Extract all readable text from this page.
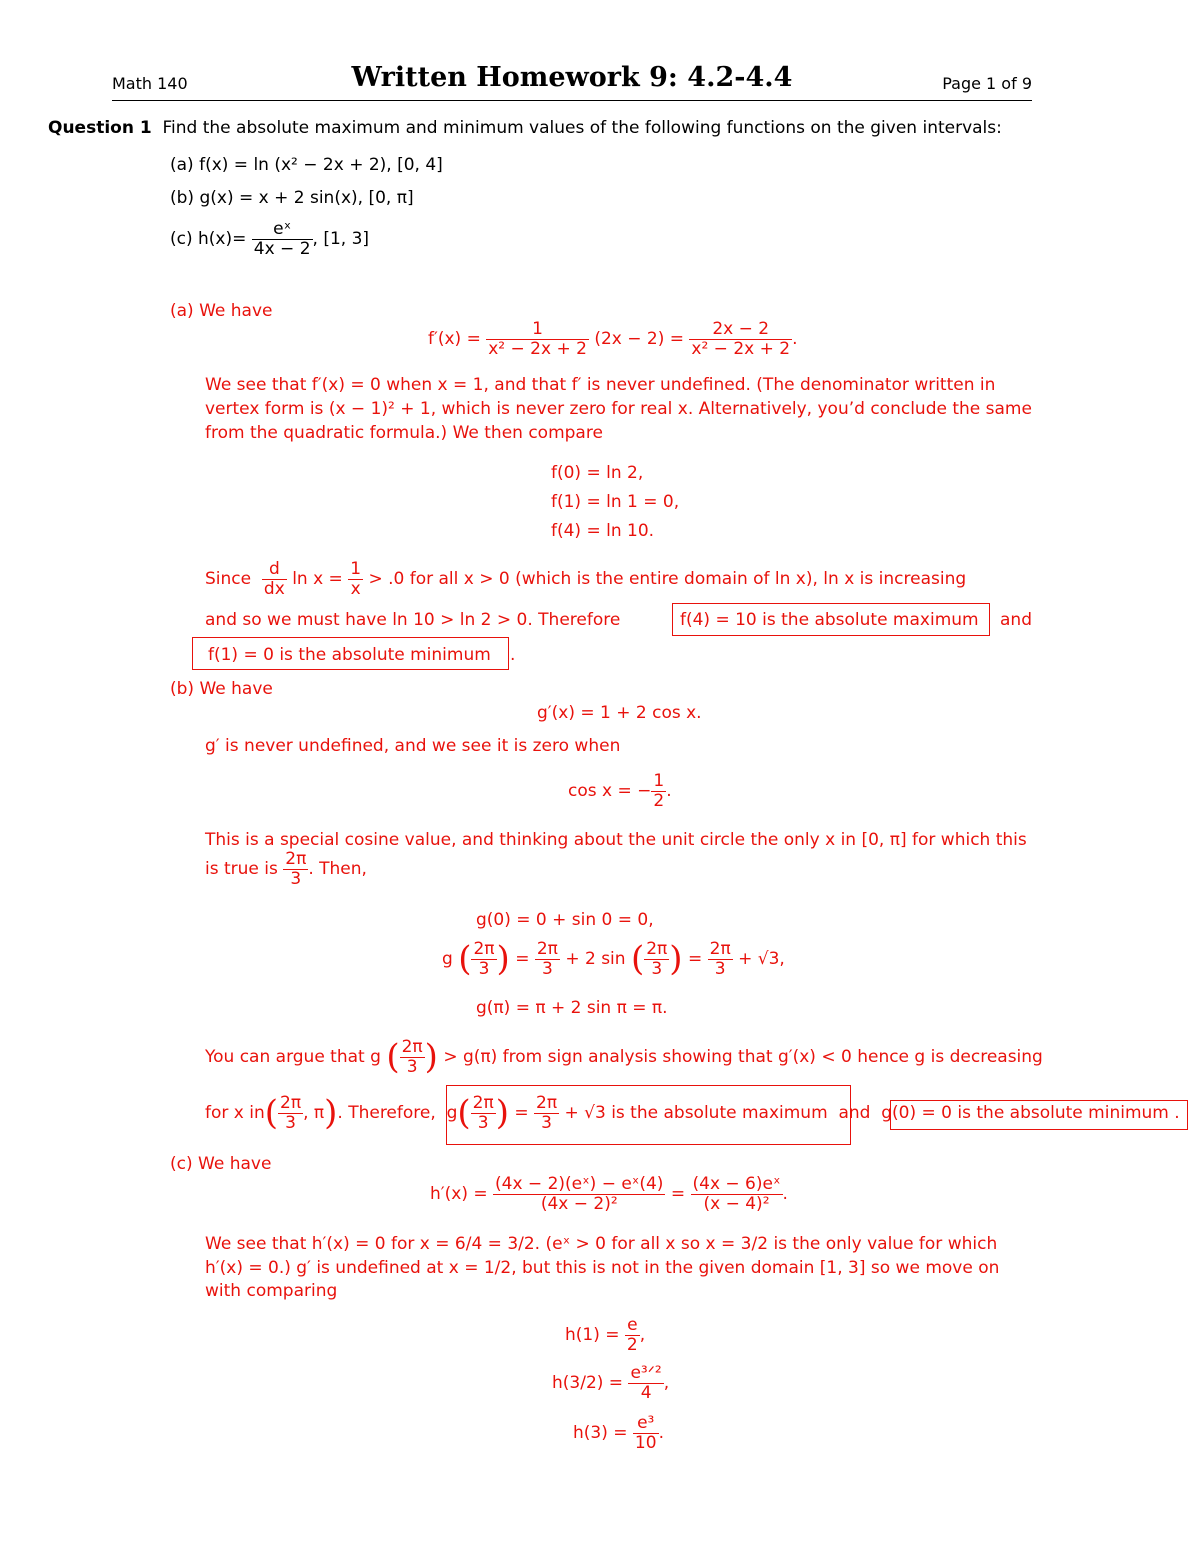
Math 140	Written Homework 9: 4.2-4.4	Page 1 of 9
Question 1 Find the absolute maximum and minimum values of the following functions on the given intervals:
(a) f(x) = ln (x² − 2x + 2), [0, 4]
(b) g(x) = x + 2 sin(x), [0, π]
(c) $h(x)= \frac{\text{eˣ}}{4x - 2}$ , [1, 3]
(a) We have
$f'(x) = \frac{1}{\text{x² − 2x + 2}} (2x - 2) = \frac{2x - 2}{\text{x² − 2x + 2}}$ .
We see that f′(x) = 0 when x = 1, and that f′ is never undefined. (The denominator written in
vertex form is (x − 1)² + 1, which is never zero for real x. Alternatively, you’d conclude the same
from the quadratic formula.) We then compare
f(0) = ln 2,
f(1) = ln 1 = 0,
f(4) = ln 10.
Since $\frac{d}{dx}$ $\ln x = \frac{1}{x} > .0$ for all x > 0 (which is the entire domain of ln x), ln x is increasing
and so we must have ln 10 > ln 2 > 0. Therefore	f(4) = 10 is the absolute maximum and
f(1) = 0 is the absolute minimum .
(b) We have
g′(x) = 1 + 2 cos x.
g′ is never undefined, and we see it is zero when
cos x = − $\frac{1}{2}$ .
This is a special cosine value, and thinking about the unit circle the only x in [0, π] for which this
is true is $\frac{2\pi}{3}$ . Then,
g(0) = 0 + sin 0 = 0,
g ( $\frac{2\pi}{3}$ ) = $\frac{2\pi}{3} + 2$ sin ( $\frac{2\pi}{3}$ ) = $\frac{2\pi}{3} + √3$,
g(π) = π + 2 sin π = π.
You can argue that g ( $\frac{2\pi}{3}$ ) > g(π) from sign analysis showing that g′(x) < 0 hence g is decreasing
for x $in( \frac{2\pi}{3}$ , π). Therefore,  $g( \frac{2\pi}{3}$ ) = $\frac{2\pi}{3} + √3$ is the absolute maximum and g(0) = 0 is the absolute minimum .
(c) We have
$h'(x) = \frac{\text{(4x − 2)(eˣ) − eˣ(4)}}{\text{(4x − 2)²}} = \frac{\text{(4x − 6)eˣ}}{\text{(x − 4)²}}$ .
We see that h′(x) = 0 for x = 6/4 = 3/2. (eˣ > 0 for all x so x = 3/2 is the only value for which
h′(x) = 0.) g′ is undefined at x = 1/2, but this is not in the given domain [1, 3] so we move on
with comparing
$h(1) = \frac{e}{2}$ ,
$h(3/2) = \frac{\text{e³ᐟ²}}{4}$ ,
$h(3) = \frac{\text{e³}}{10}$ .
